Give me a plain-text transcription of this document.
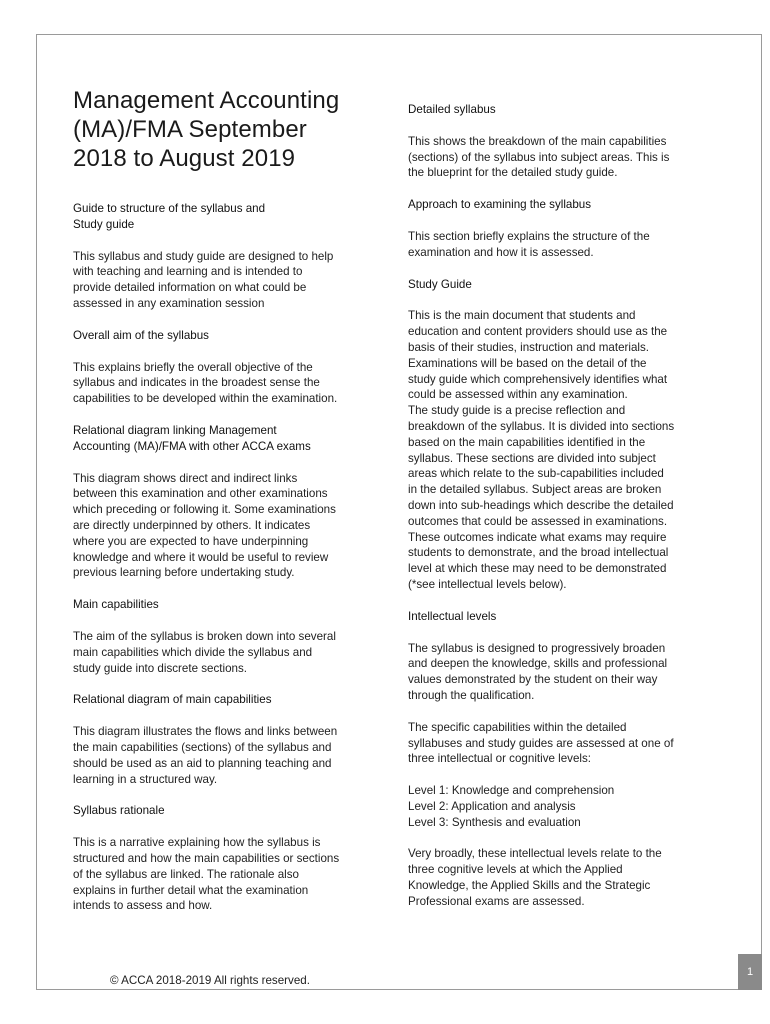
Management Accounting
(MA)/FMA September
2018 to August 2019
Guide to structure of the syllabus and
Study guide
This syllabus and study guide are designed to help
with teaching and learning and is intended to
provide detailed information on what could be
assessed in any examination session
Overall aim of the syllabus
This explains briefly the overall objective of the
syllabus and indicates in the broadest sense the
capabilities to be developed within the examination.
Relational diagram linking Management
Accounting (MA)/FMA with other ACCA exams
This diagram shows direct and indirect links
between this examination and other examinations
which preceding or following it. Some examinations
are directly underpinned by others. It indicates
where you are expected to have underpinning
knowledge and where it would be useful to review
previous learning before undertaking study.
Main capabilities
The aim of the syllabus is broken down into several
main capabilities which divide the syllabus and
study guide into discrete sections.
Relational diagram of main capabilities
This diagram illustrates the flows and links between
the main capabilities (sections) of the syllabus and
should be used as an aid to planning teaching and
learning in a structured way.
Syllabus rationale
This is a narrative explaining how the syllabus is
structured and how the main capabilities or sections
of the syllabus are linked. The rationale also
explains in further detail what the examination
intends to assess and how.
Detailed syllabus
This shows the breakdown of the main capabilities
(sections) of the syllabus into subject areas. This is
the blueprint for the detailed study guide.
Approach to examining the syllabus
This section briefly explains the structure of the
examination and how it is assessed.
Study Guide
This is the main document that students and
education and content providers should use as the
basis of their studies, instruction and materials.
Examinations will be based on the detail of the
study guide which comprehensively identifies what
could be assessed within any examination.
The study guide is a precise reflection and
breakdown of the syllabus. It is divided into sections
based on the main capabilities identified in the
syllabus. These sections are divided into subject
areas which relate to the sub-capabilities included
in the detailed syllabus. Subject areas are broken
down into sub-headings which describe the detailed
outcomes that could be assessed in examinations.
These outcomes indicate what exams may require
students to demonstrate, and the broad intellectual
level at which these may need to be demonstrated
(*see intellectual levels below).
Intellectual levels
The syllabus is designed to progressively broaden
and deepen the knowledge, skills and professional
values demonstrated by the student on their way
through the qualification.
The specific capabilities within the detailed
syllabuses and study guides are assessed at one of
three intellectual or cognitive levels:
Level 1: Knowledge and comprehension
Level 2: Application and analysis
Level 3: Synthesis and evaluation
Very broadly, these intellectual levels relate to the
three cognitive levels at which the Applied
Knowledge, the Applied Skills and the Strategic
Professional exams are assessed.
© ACCA 2018-2019 All rights reserved.
1
